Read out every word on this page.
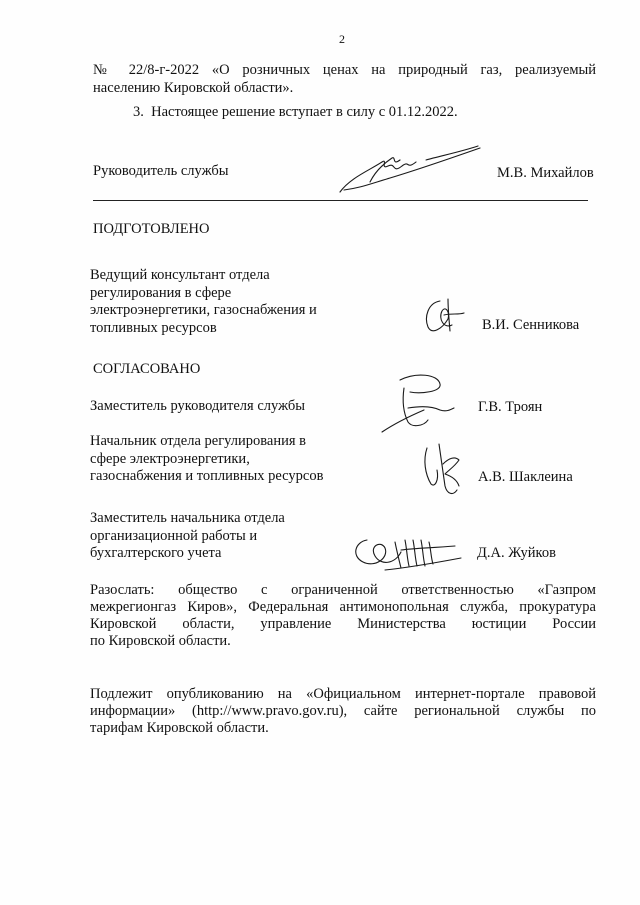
2
№ 22/8-г-2022 «О розничных ценах на природный газ, реализуемый
населению Кировской области».
3. Настоящее решение вступает в силу с 01.12.2022.
Руководитель службы	М.В. Михайлов
ПОДГОТОВЛЕНО
Ведущий консультант отдела
регулирования в сфере
электроэнергетики, газоснабжения и
топливных ресурсов	В.И. Сенникова
СОГЛАСОВАНО
Заместитель руководителя службы	Г.В. Троян
Начальник отдела регулирования в
сфере электроэнергетики,
газоснабжения и топливных ресурсов	А.В. Шаклеина
Заместитель начальника отдела
организационной работы и
бухгалтерского учета	Д.А. Жуйков
Разослать: общество с ограниченной ответственностью «Газпром
межрегионгаз Киров», Федеральная антимонопольная служба, прокуратура
Кировской области, управление Министерства юстиции России
по Кировской области.
Подлежит опубликованию на «Официальном интернет-портале правовой
информации» (http://www.pravo.gov.ru), сайте региональной службы по
тарифам Кировской области.
